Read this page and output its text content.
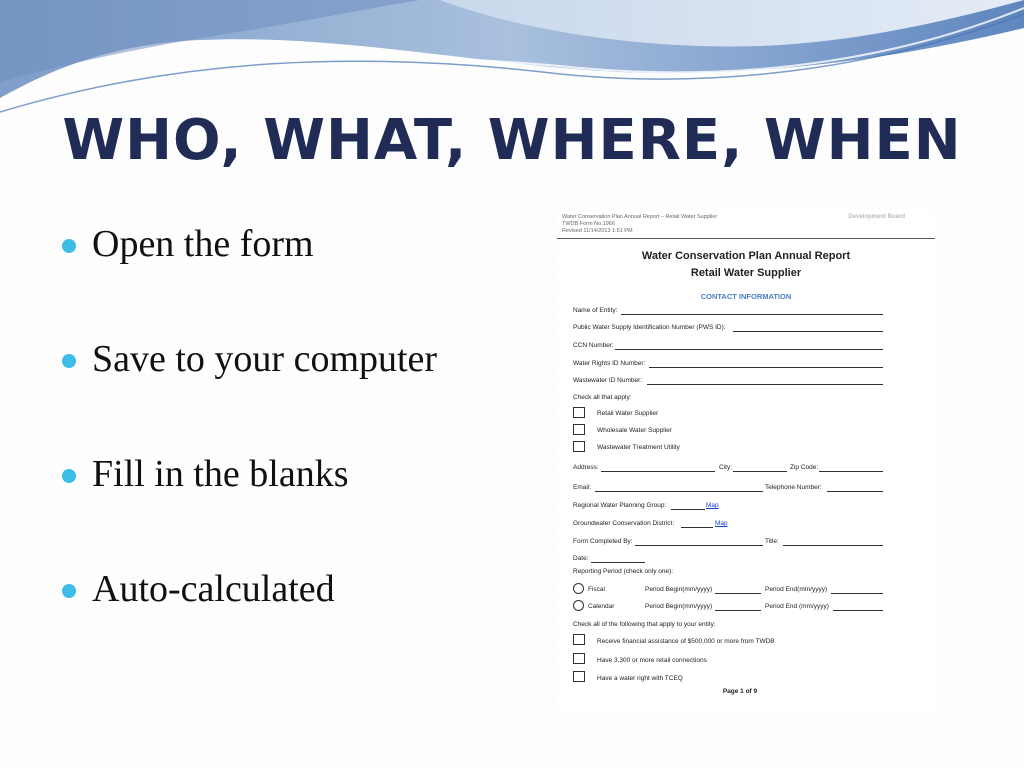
WHO, WHAT, WHERE, WHEN
Open the form
Save to your computer
Fill in the blanks
Auto-calculated
Water Conservation Plan Annual Report – Retail Water Supplier
TWDB Form No.1966
Revised 11/14/2013 1:51 PM
Development Board
Water Conservation Plan Annual Report
Retail Water Supplier
CONTACT INFORMATION
Name of Entity:
Public Water Supply Identification Number (PWS ID):
CCN Number:
Water Rights ID Number:
Wastewater ID Number:
Check all that apply:
Retail Water Supplier
Wholesale Water Supplier
Wastewater Treatment Utility
Address:	City:	Zip Code:
Email:	Telephone Number:
Regional Water Planning Group:	Map
Groundwater Conservation District:	Map
Form Completed By:	Title:
Date:
Reporting Period (check only one):
Fiscal	Period Begin(mm/yyyy)	Period End(mm/yyyy)
Calendar	Period Begin(mm/yyyy)	Period End (mm/yyyy)
Check all of the following that apply to your entity:
Receive financial assistance of $500,000 or more from TWDB
Have 3,300 or more retail connections
Have a water right with TCEQ
Page 1 of 9
